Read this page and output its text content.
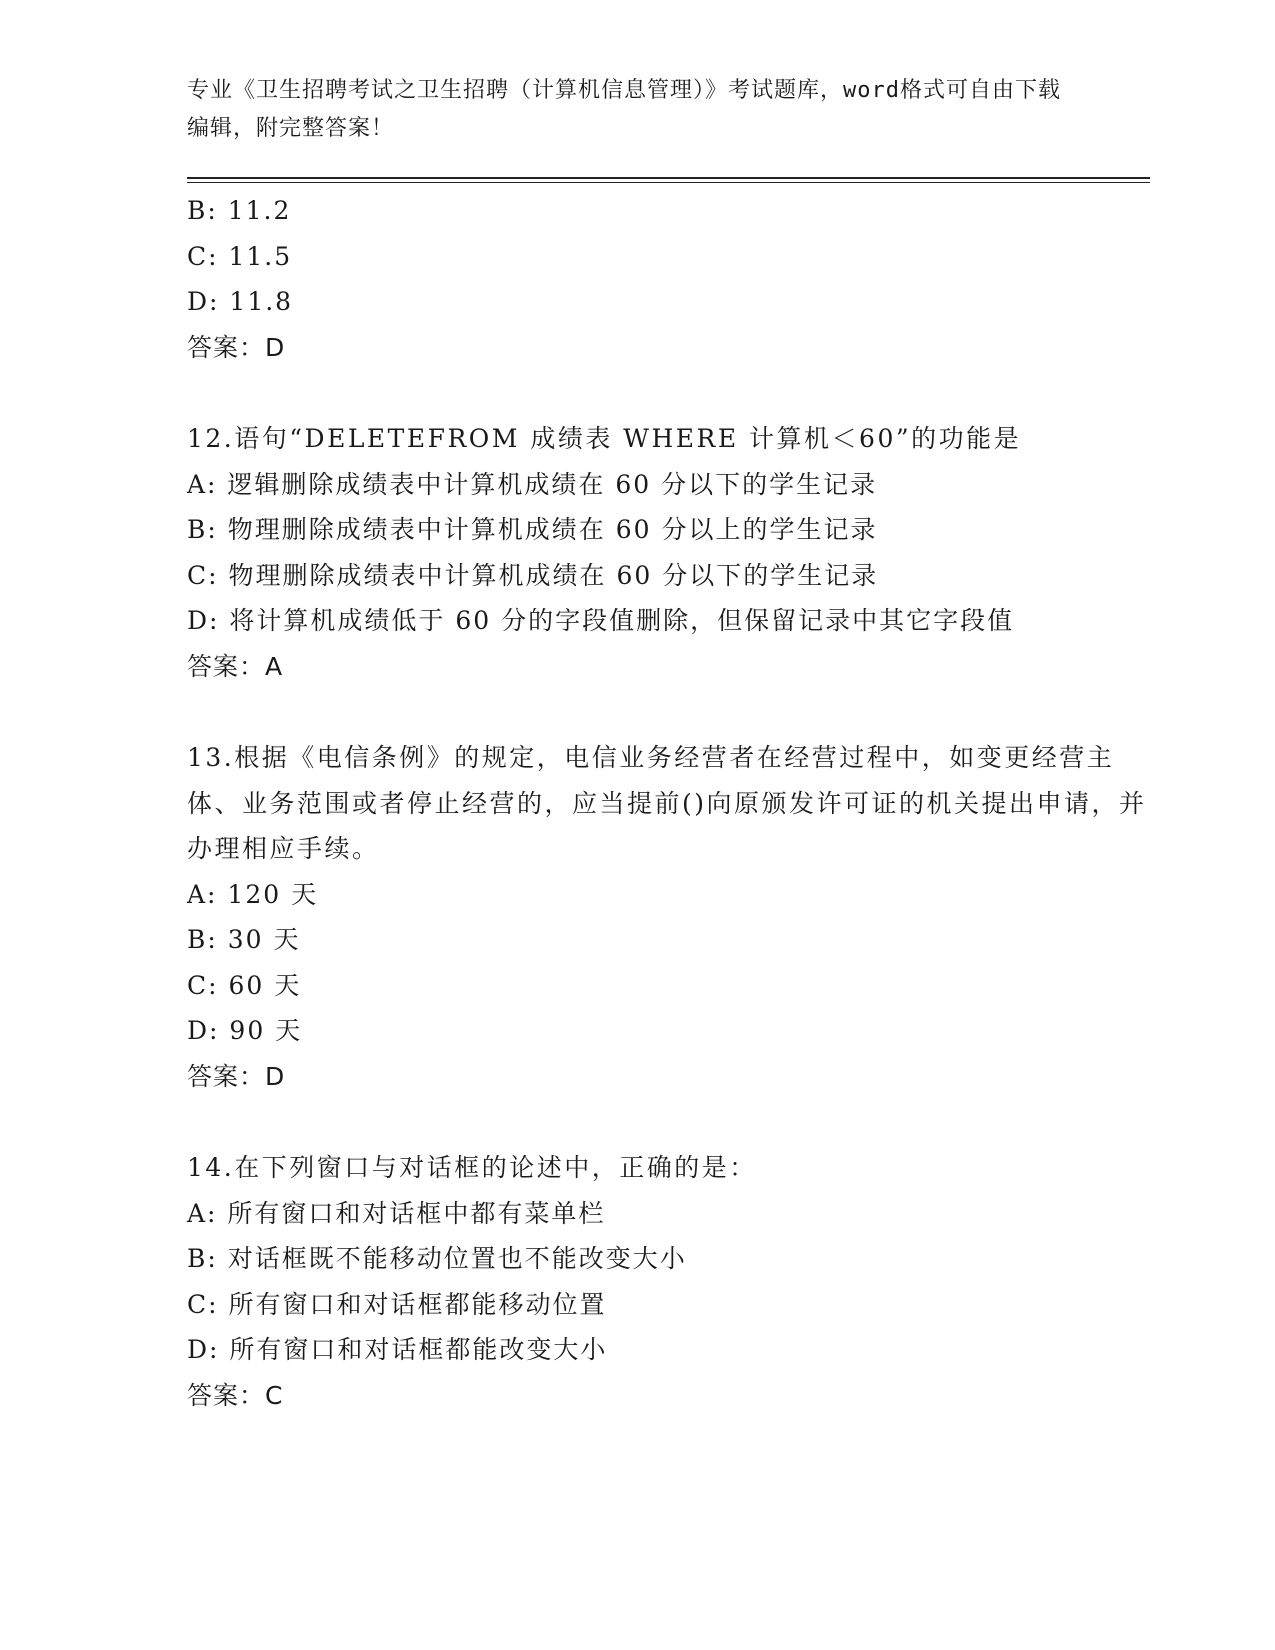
专业《卫生招聘考试之卫生招聘（计算机信息管理）》考试题库，word格式可自由下载编辑，附完整答案！
B: 11.2
C: 11.5
D: 11.8
答案：D
12.语句“DELETEFROM 成绩表 WHERE 计算机＜60”的功能是
A: 逻辑删除成绩表中计算机成绩在 60 分以下的学生记录
B: 物理删除成绩表中计算机成绩在 60 分以上的学生记录
C: 物理删除成绩表中计算机成绩在 60 分以下的学生记录
D: 将计算机成绩低于 60 分的字段值删除，但保留记录中其它字段值
答案：A
13.根据《电信条例》的规定，电信业务经营者在经营过程中，如变更经营主体、业务范围或者停止经营的，应当提前()向原颁发许可证的机关提出申请，并办理相应手续。
A: 120 天
B: 30 天
C: 60 天
D: 90 天
答案：D
14.在下列窗口与对话框的论述中，正确的是：
A: 所有窗口和对话框中都有菜单栏
B: 对话框既不能移动位置也不能改变大小
C: 所有窗口和对话框都能移动位置
D: 所有窗口和对话框都能改变大小
答案：C
